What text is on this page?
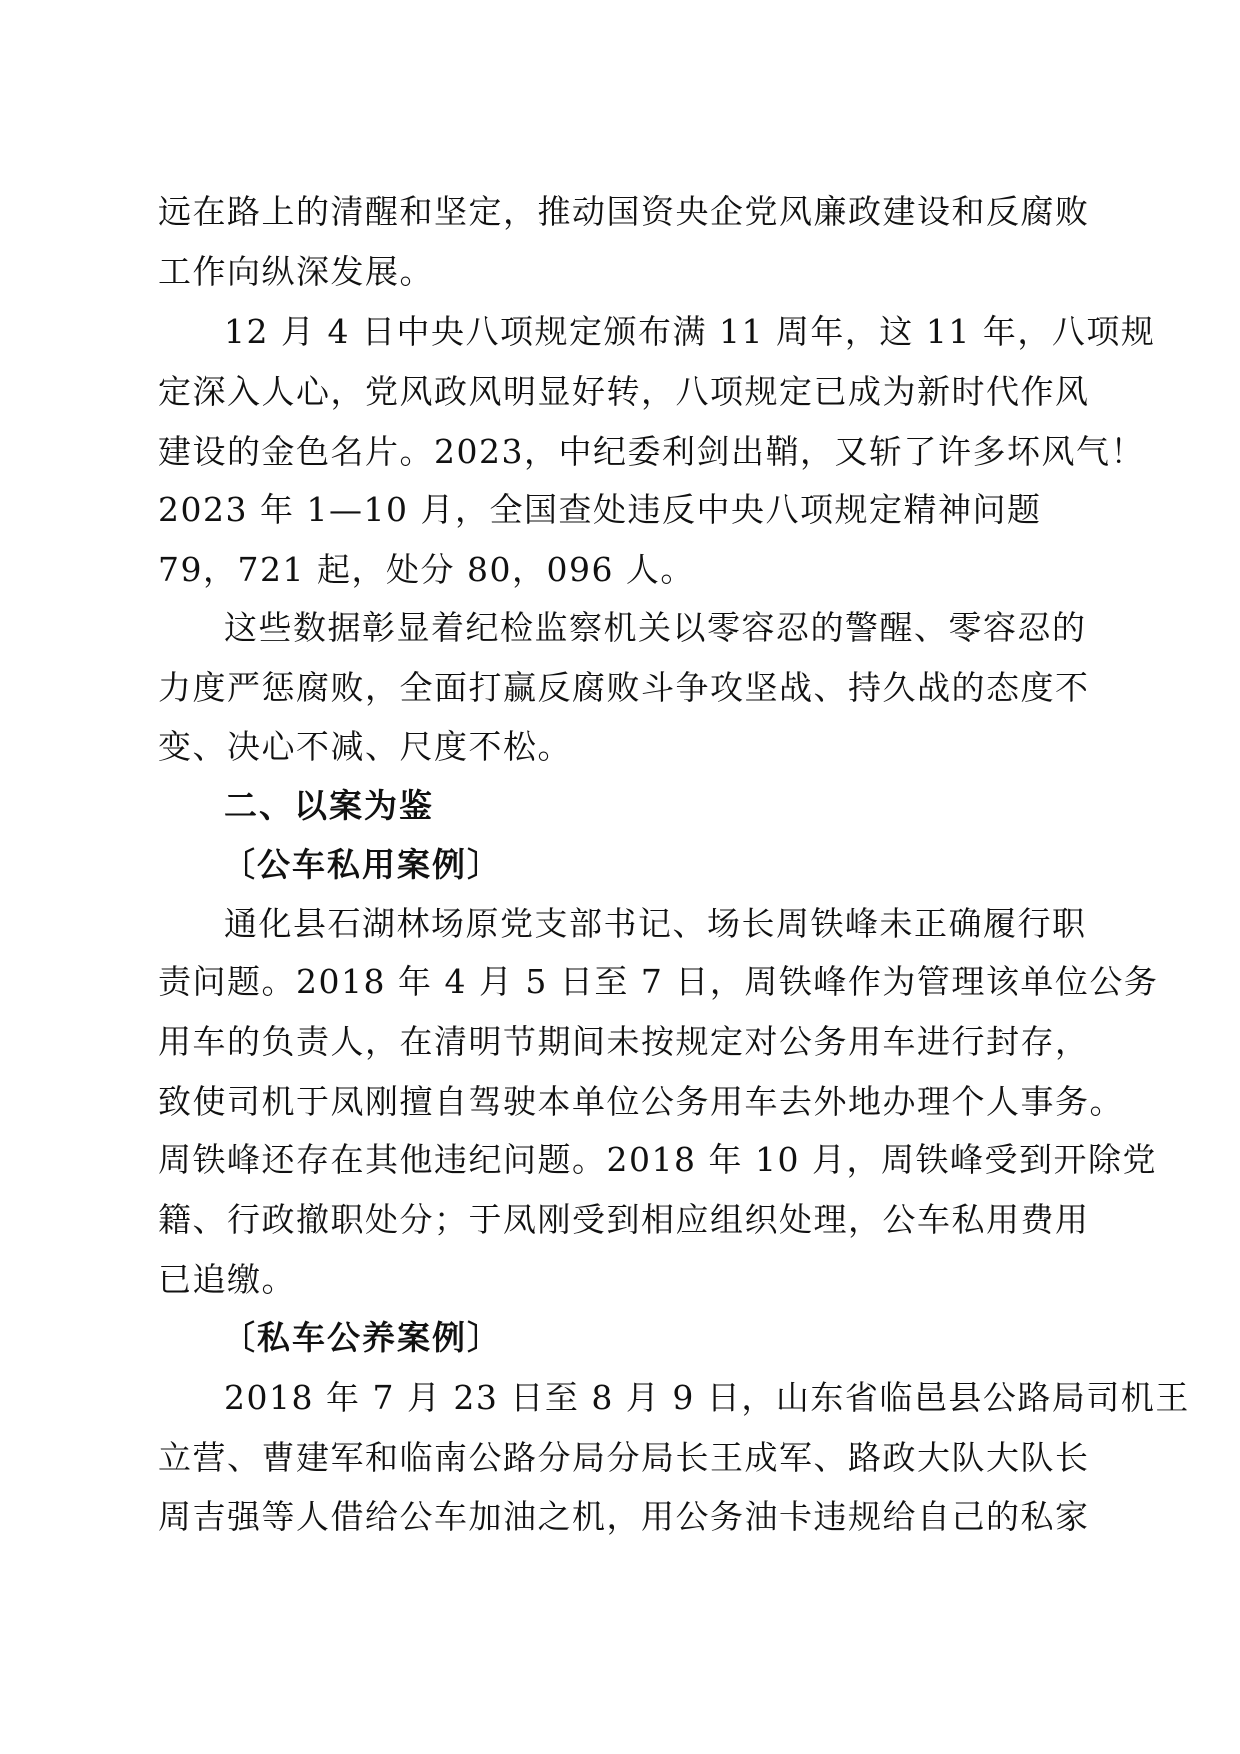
远在路上的清醒和坚定，推动国资央企党风廉政建设和反腐败
工作向纵深发展。
12 月 4 日中央八项规定颁布满 11 周年，这 11 年，八项规
定深入人心，党风政风明显好转，八项规定已成为新时代作风
建设的金色名片。2023，中纪委利剑出鞘，又斩了许多坏风气！
2023 年 1—10 月，全国查处违反中央八项规定精神问题
79，721 起，处分 80，096 人。
这些数据彰显着纪检监察机关以零容忍的警醒、零容忍的
力度严惩腐败，全面打赢反腐败斗争攻坚战、持久战的态度不
变、决心不减、尺度不松。
二、以案为鉴
〔公车私用案例〕
通化县石湖林场原党支部书记、场长周铁峰未正确履行职
责问题。2018 年 4 月 5 日至 7 日，周铁峰作为管理该单位公务
用车的负责人，在清明节期间未按规定对公务用车进行封存，
致使司机于凤刚擅自驾驶本单位公务用车去外地办理个人事务。
周铁峰还存在其他违纪问题。2018 年 10 月，周铁峰受到开除党
籍、行政撤职处分；于凤刚受到相应组织处理，公车私用费用
已追缴。
〔私车公养案例〕
2018 年 7 月 23 日至 8 月 9 日，山东省临邑县公路局司机王
立营、曹建军和临南公路分局分局长王成军、路政大队大队长
周吉强等人借给公车加油之机，用公务油卡违规给自己的私家
